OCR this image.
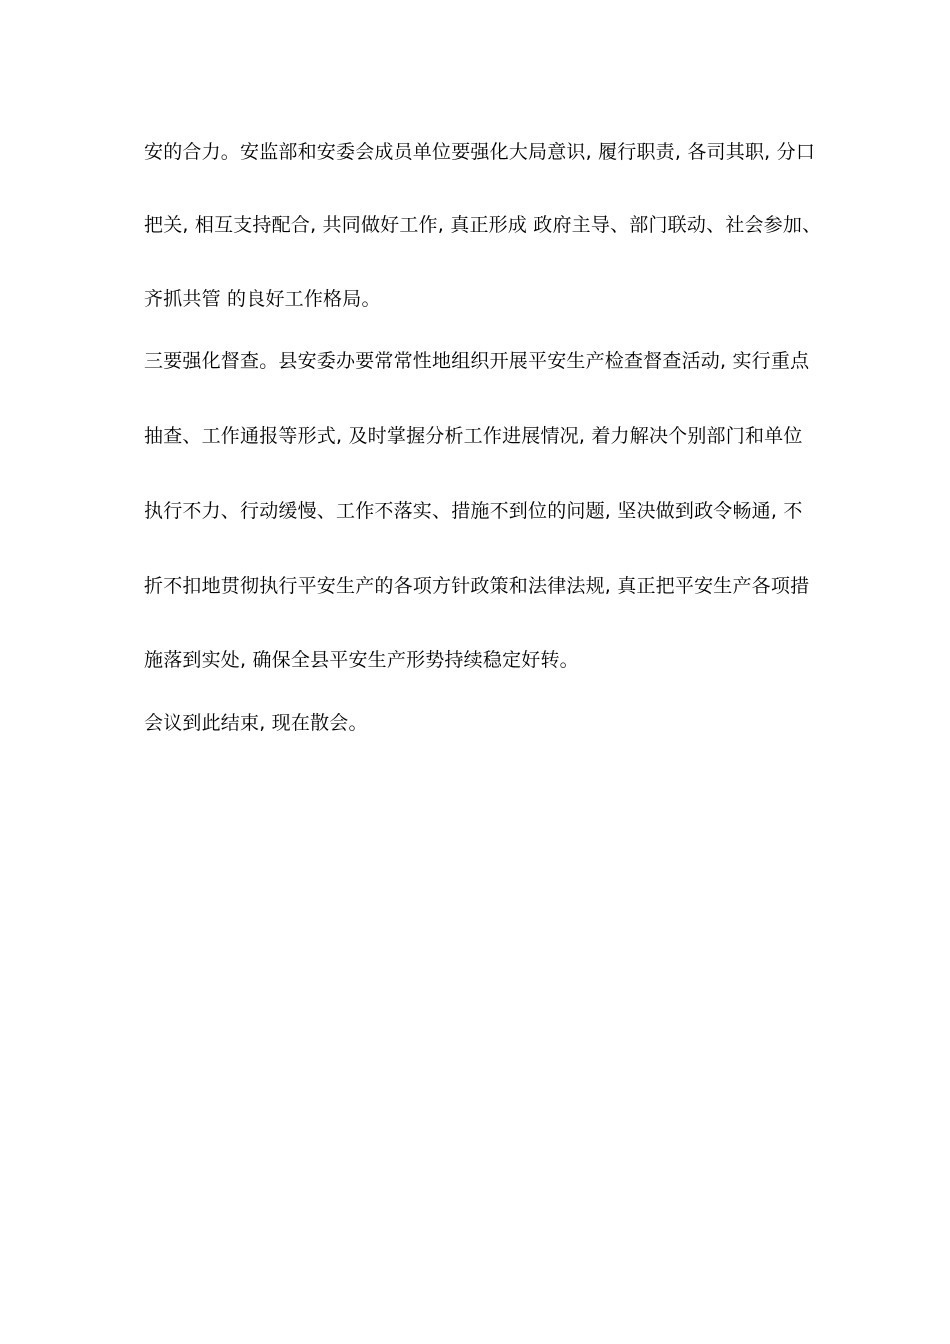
安的合力。安监部和安委会成员单位要强化大局意识, 履行职责, 各司其职, 分口
把关, 相互支持配合, 共同做好工作, 真正形成 政府主导、部门联动、社会参加、
齐抓共管 的良好工作格局。
三要强化督查。县安委办要常常性地组织开展平安生产检查督查活动, 实行重点
抽查、工作通报等形式, 及时掌握分析工作进展情况, 着力解决个别部门和单位
执行不力、行动缓慢、工作不落实、措施不到位的问题, 坚决做到政令畅通, 不
折不扣地贯彻执行平安生产的各项方针政策和法律法规, 真正把平安生产各项措
施落到实处, 确保全县平安生产形势持续稳定好转。
会议到此结束, 现在散会。
